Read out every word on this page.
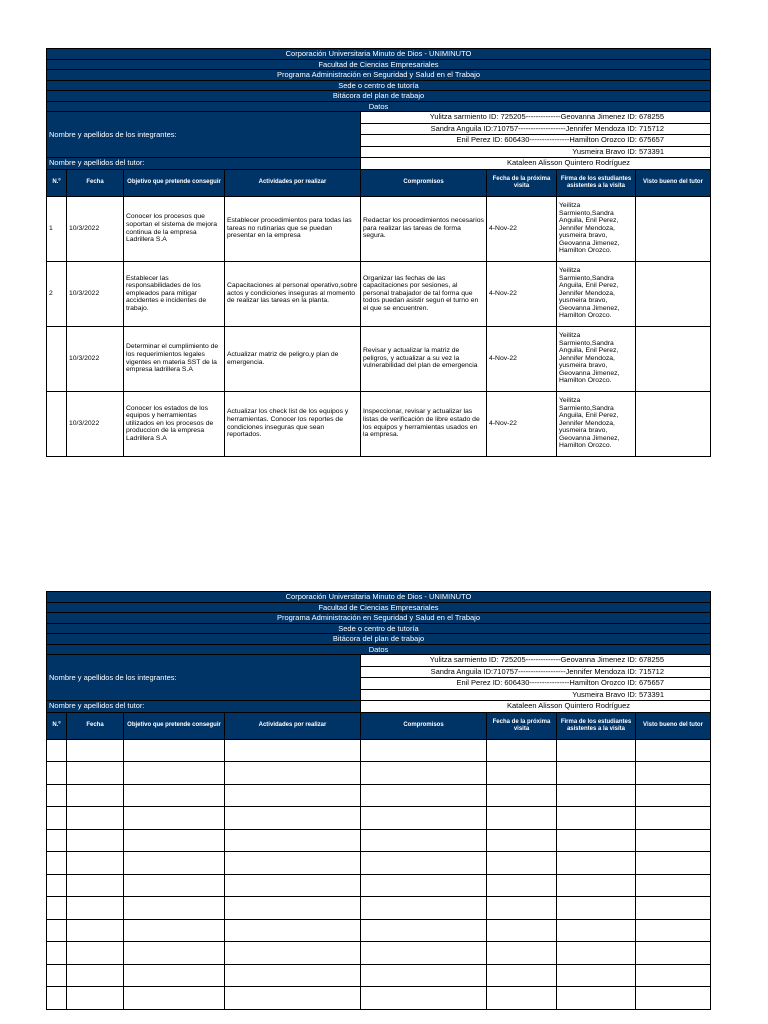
Corporación Universitaria Minuto de Dios - UNIMINUTO							
Facultad de Ciencias Empresariales							
Programa Administración en Seguridad y Salud en el Trabajo							
Sede o centro de tutoría							
Bitácora del plan de trabajo							
Datos							
Nombre y apellidos de los integrantes:				Yulitza sarmiento ID: 725205--------------Geovanna Jimenez ID: 678255			
				Sandra Anguila ID:710757-------------------Jennifer Mendoza ID: 715712			
				Enil Perez ID: 606430----------------Hamilton Orozco ID: 675657			
				Yusmeira Bravo ID: 573391			
Nombre y apellidos del tutor:				Kataleen Alisson Quintero Rodríguez			
N.º	Fecha	Objetivo que pretende conseguir	Actividades por realizar	Compromisos	Fecha de la próxima visita	Firma de los estudiantes asistentes a la visita	Visto bueno del tutor
1	10/3/2022	Conocer los procesos que soportan el sistema de mejora continua de la empresa Ladrillera S.A	Establecer procedimientos para todas las tareas no rutinarias que se puedan presentar en la empresa	Redactar los procedimientos necesarios para realizar las tareas de forma segura.	4-Nov-22	Yeilitza Sarmiento,Sandra Anguila, Enil Perez, Jennifer Mendoza, yusmeira bravo, Geovanna Jimenez, Hamilton Orozco.	
2	10/3/2022	Establecer las responsabilidades de los empleados para mitigar accidentes e incidentes de trabajo.	Capacitaciones al personal operativo,sobre actos y condiciones inseguras al momento de realizar las tareas en la planta.	Organizar las fechas de las capacitaciones por sesiones, al personal trabajador de tal forma que todos puedan asistir segun el turno en el que se encuentren.	4-Nov-22	Yeilitza Sarmiento,Sandra Anguila, Enil Perez, Jennifer Mendoza, yusmeira bravo, Geovanna Jimenez, Hamilton Orozco.	
	10/3/2022	Determinar el cumplimiento de los requerimientos legales vigentes en materia SST de la empresa ladrillera S.A	Actualizar matriz de peligro,y plan de emergencia.	Revisar y actualizar la matriz de peligros, y actualizar a su vez la vulnerabilidad del plan de emergencia	4-Nov-22	Yeilitza Sarmiento,Sandra Anguila, Enil Perez, Jennifer Mendoza, yusmeira bravo, Geovanna Jimenez, Hamilton Orozco.	
	10/3/2022	Conocer los estados de los equipos y herramientas utilizados en los procesos de produccion de la empresa Ladrillera S.A	Actualizar los check list de los equipos y herramientas. Conocer los reportes de condiciones inseguras que sean reportados.	Inspeccionar, revisar y actualizar las listas de verificación de libre estado de los equipos y herramientas usados en la empresa.	4-Nov-22	Yeilitza Sarmiento,Sandra Anguila, Enil Perez, Jennifer Mendoza, yusmeira bravo, Geovanna Jimenez, Hamilton Orozco.	
Corporación Universitaria Minuto de Dios - UNIMINUTO							
Facultad de Ciencias Empresariales							
Programa Administración en Seguridad y Salud en el Trabajo							
Sede o centro de tutoría							
Bitácora del plan de trabajo							
Datos							
Nombre y apellidos de los integrantes:				Yulitza sarmiento ID: 725205--------------Geovanna Jimenez ID: 678255			
				Sandra Anguila ID:710757-------------------Jennifer Mendoza ID: 715712			
				Enil Perez ID: 606430----------------Hamilton Orozco ID: 675657			
				Yusmeira Bravo ID: 573391			
Nombre y apellidos del tutor:				Kataleen Alisson Quintero Rodríguez			
N.º	Fecha	Objetivo que pretende conseguir	Actividades por realizar	Compromisos	Fecha de la próxima visita	Firma de los estudiantes asistentes a la visita	Visto bueno del tutor
